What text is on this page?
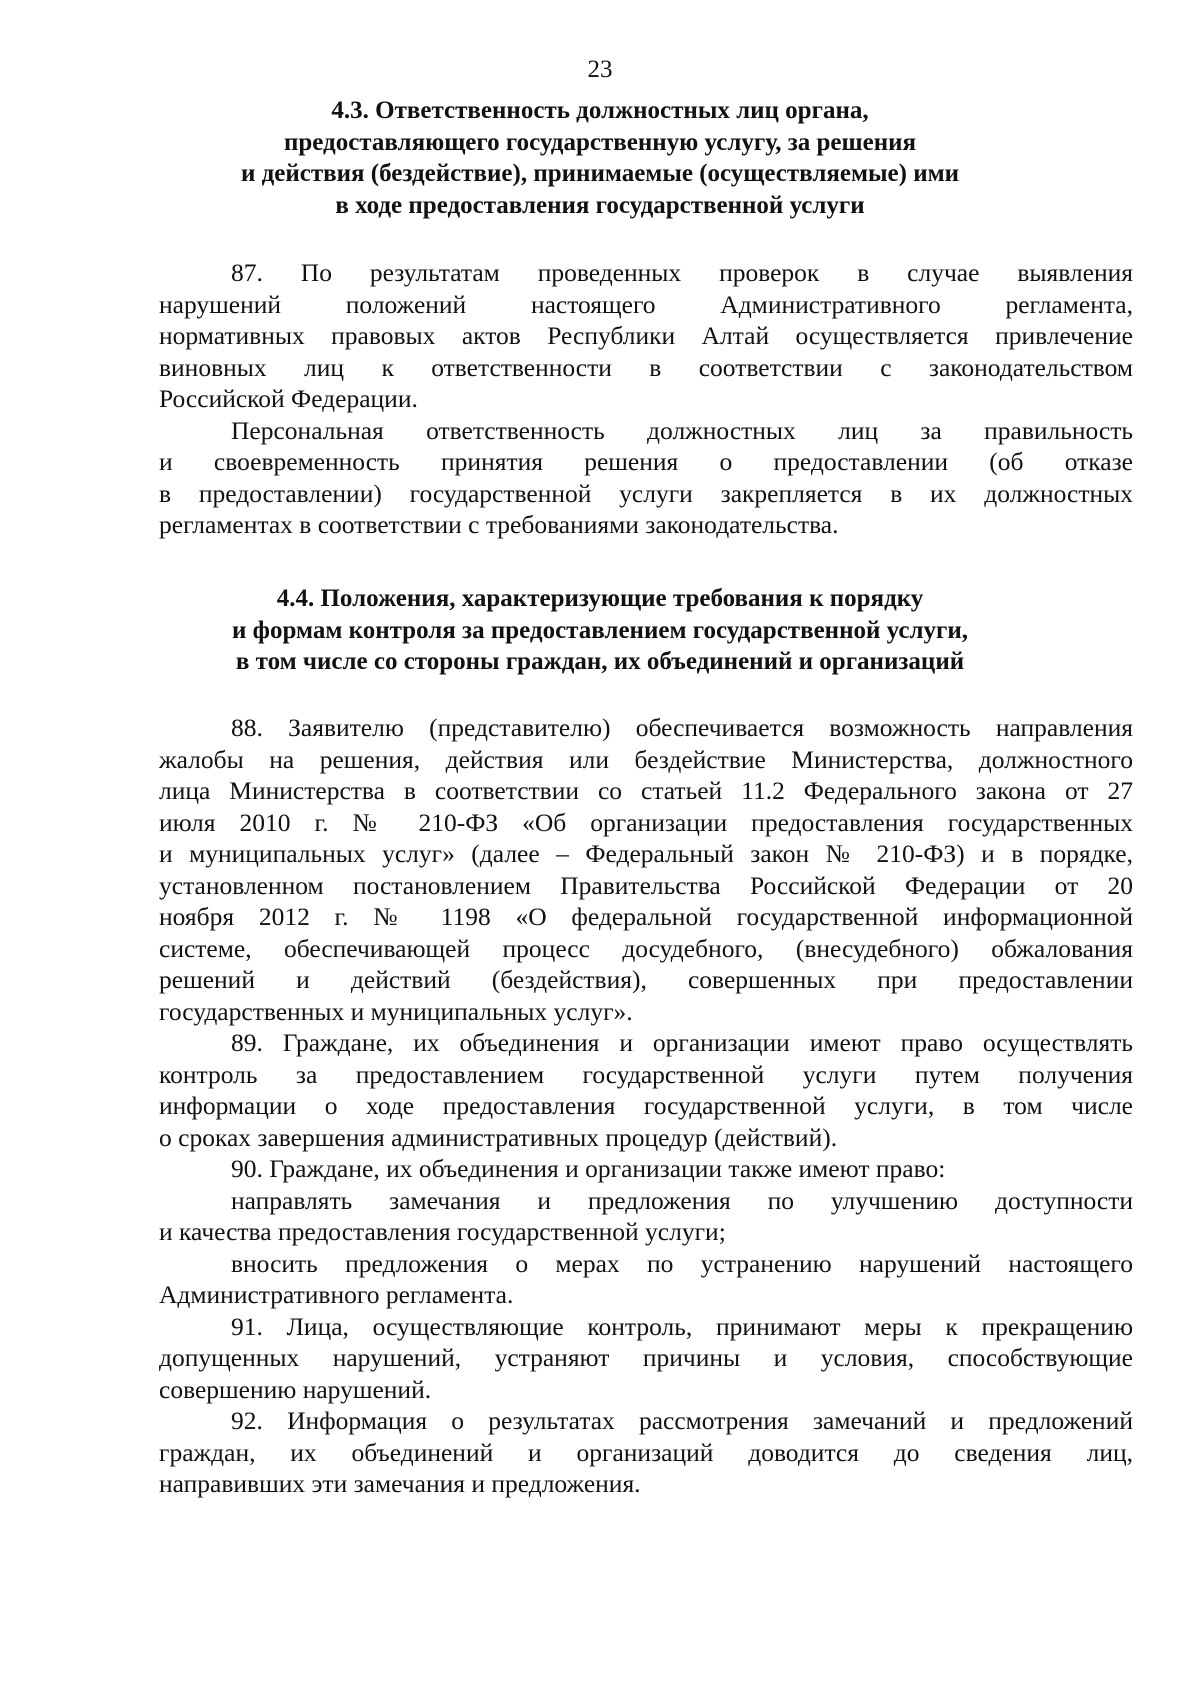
23
4.3. Ответственность должностных лиц органа,
предоставляющего государственную услугу, за решения
и действия (бездействие), принимаемые (осуществляемые) ими
в ходе предоставления государственной услуги
87. По результатам проведенных проверок в случае выявления
нарушений положений настоящего Административного регламента,
нормативных правовых актов Республики Алтай осуществляется привлечение
виновных лиц к ответственности в соответствии с законодательством
Российской Федерации.
Персональная ответственность должностных лиц за правильность
и своевременность принятия решения о предоставлении (об отказе
в предоставлении) государственной услуги закрепляется в их должностных
регламентах в соответствии с требованиями законодательства.
4.4. Положения, характеризующие требования к порядку
и формам контроля за предоставлением государственной услуги,
в том числе со стороны граждан, их объединений и организаций
88. Заявителю (представителю) обеспечивается возможность направления
жалобы на решения, действия или бездействие Министерства, должностного
лица Министерства в соответствии со статьей 11.2 Федерального закона от 27
июля 2010 г. № 210-ФЗ «Об организации предоставления государственных
и муниципальных услуг» (далее – Федеральный закон № 210-ФЗ) и в порядке,
установленном постановлением Правительства Российской Федерации от 20
ноября 2012 г. № 1198 «О федеральной государственной информационной
системе, обеспечивающей процесс досудебного, (внесудебного) обжалования
решений и действий (бездействия), совершенных при предоставлении
государственных и муниципальных услуг».
89. Граждане, их объединения и организации имеют право осуществлять
контроль за предоставлением государственной услуги путем получения
информации о ходе предоставления государственной услуги, в том числе
о сроках завершения административных процедур (действий).
90. Граждане, их объединения и организации также имеют право:
направлять замечания и предложения по улучшению доступности
и качества предоставления государственной услуги;
вносить предложения о мерах по устранению нарушений настоящего
Административного регламента.
91. Лица, осуществляющие контроль, принимают меры к прекращению
допущенных нарушений, устраняют причины и условия, способствующие
совершению нарушений.
92. Информация о результатах рассмотрения замечаний и предложений
граждан, их объединений и организаций доводится до сведения лиц,
направивших эти замечания и предложения.
